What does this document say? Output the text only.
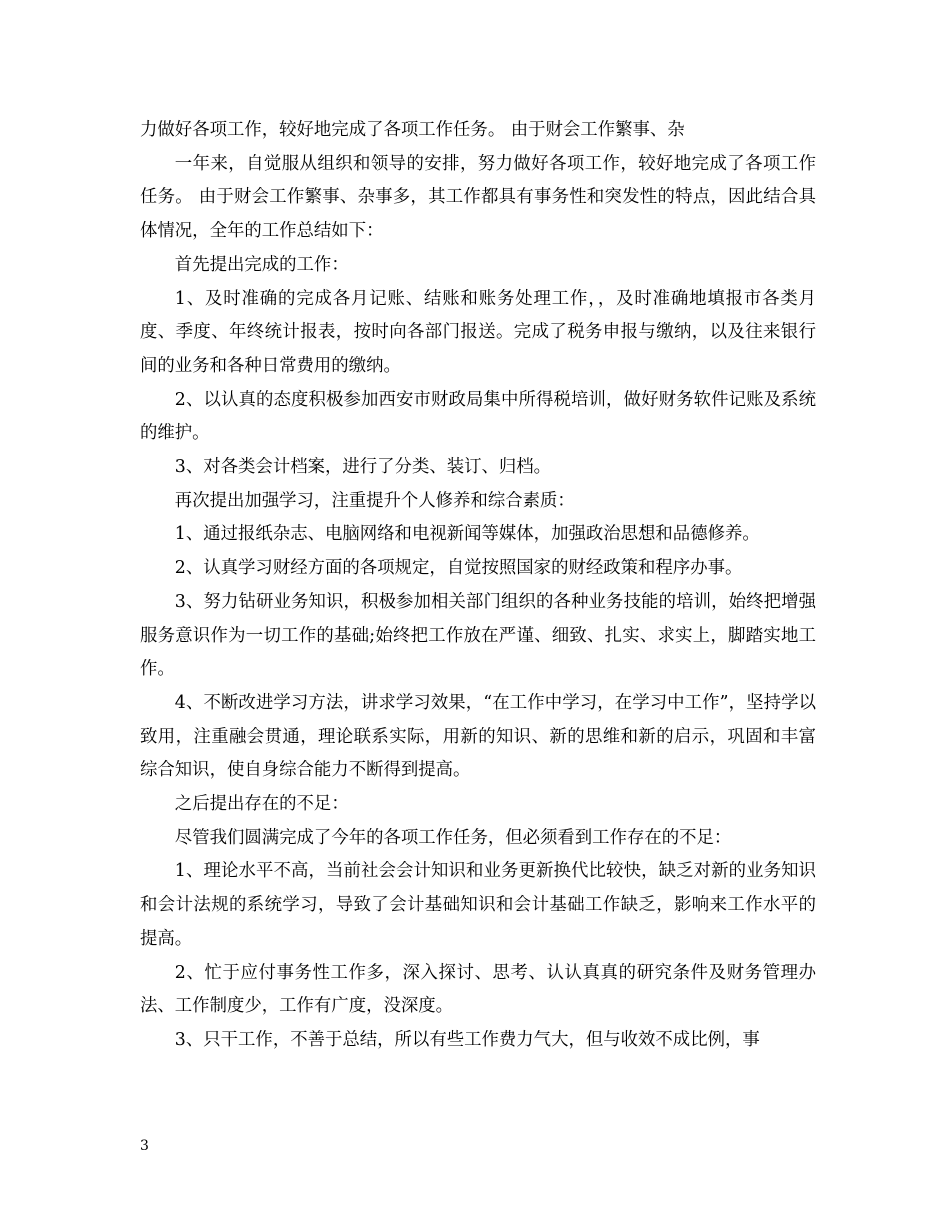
力做好各项工作，较好地完成了各项工作任务。 由于财会工作繁事、杂

一年来，自觉服从组织和领导的安排，努力做好各项工作，较好地完成了各项工作任务。 由于财会工作繁事、杂事多，其工作都具有事务性和突发性的特点，因此结合具体情况，全年的工作总结如下：

首先提出完成的工作：

1、及时准确的完成各月记账、结账和账务处理工作，，及时准确地填报市各类月度、季度、年终统计报表，按时向各部门报送。完成了税务申报与缴纳，以及往来银行间的业务和各种日常费用的缴纳。

2、以认真的态度积极参加西安市财政局集中所得税培训，做好财务软件记账及系统的维护。

3、对各类会计档案，进行了分类、装订、归档。

再次提出加强学习，注重提升个人修养和综合素质：

1、通过报纸杂志、电脑网络和电视新闻等媒体，加强政治思想和品德修养。

2、认真学习财经方面的各项规定，自觉按照国家的财经政策和程序办事。

3、努力钻研业务知识，积极参加相关部门组织的各种业务技能的培训，始终把增强服务意识作为一切工作的基础;始终把工作放在严谨、细致、扎实、求实上，脚踏实地工作。

4、不断改进学习方法，讲求学习效果，“在工作中学习，在学习中工作”，坚持学以致用，注重融会贯通，理论联系实际，用新的知识、新的思维和新的启示，巩固和丰富综合知识，使自身综合能力不断得到提高。

之后提出存在的不足：

尽管我们圆满完成了今年的各项工作任务，但必须看到工作存在的不足：

1、理论水平不高，当前社会会计知识和业务更新换代比较快，缺乏对新的业务知识和会计法规的系统学习，导致了会计基础知识和会计基础工作缺乏，影响来工作水平的提高。

2、忙于应付事务性工作多，深入探讨、思考、认认真真的研究条件及财务管理办法、工作制度少，工作有广度，没深度。

3、只干工作，不善于总结，所以有些工作费力气大，但与收效不成比例，事

3
